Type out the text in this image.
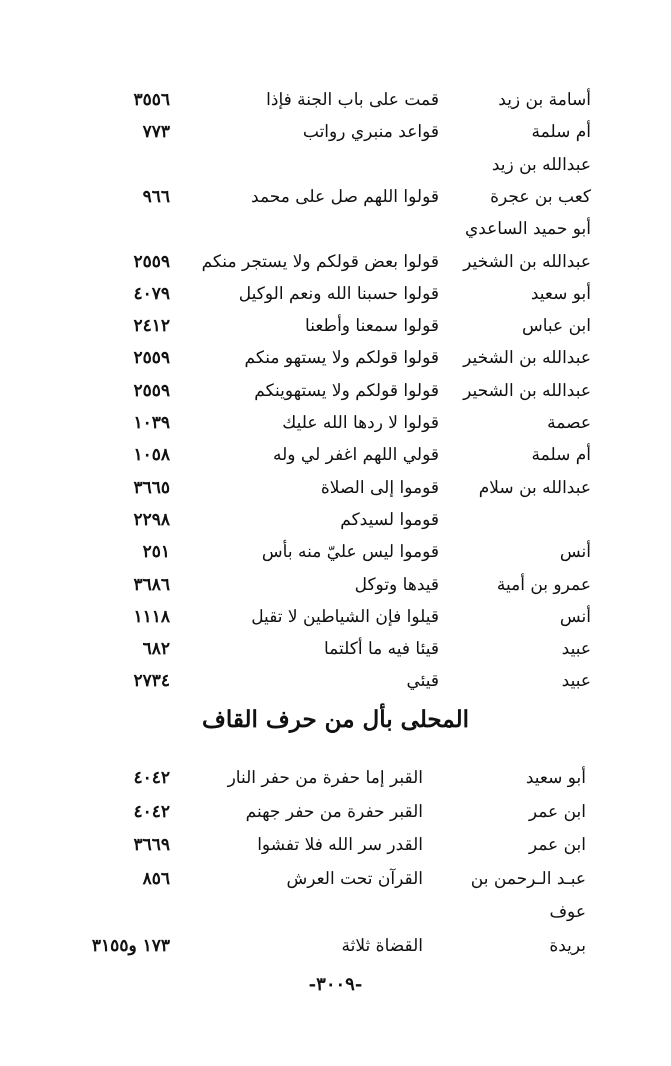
أسامة بن زيد
قمت على باب الجنة فإذا
٣٥٥٦
أم سلمة
قواعد منبري رواتب
٧٧٣
عبدالله بن زيد
كعب بن عجرة
قولوا اللهم صل على محمد
٩٦٦
أبو حميد الساعدي
عبدالله بن الشخير
قولوا بعض قولكم ولا يستجر منكم
٢٥٥٩
أبو سعيد
قولوا حسبنا الله ونعم الوكيل
٤٠٧٩
ابن عباس
قولوا سمعنا وأطعنا
٢٤١٢
عبدالله بن الشخير
قولوا قولكم ولا يستهو منكم
٢٥٥٩
عبدالله بن الشحير
قولوا قولكم ولا يستهوينكم
٢٥٥٩
عصمة
قولوا لا ردها الله عليك
١٠٣٩
أم سلمة
قولي اللهم اغفر لي وله
١٠٥٨
عبدالله بن سلام
قوموا إلى الصلاة
٣٦٦٥
قوموا لسيدكم
٢٢٩٨
أنس
قوموا ليس عليّ منه بأس
٢٥١
عمرو بن أمية
قيدها وتوكل
٣٦٨٦
أنس
قيلوا فإن الشياطين لا تقيل
١١١٨
عبيد
قيئا فيه ما أكلتما
٦٨٢
عبيد
قيئي
٢٧٣٤
المحلى بأل من حرف القاف
أبو سعيد
القبر إما حفرة من حفر النار
٤٠٤٢
ابن عمر
القبر حفرة من حفر جهنم
٤٠٤٢
ابن عمر
القدر سر الله فلا تفشوا
٣٦٦٩
عبـد الـرحمن بن
القرآن تحت العرش
٨٥٦
عوف
بريدة
القضاة ثلاثة
١٧٣ و٣١٥٥
-٣٠٠٩-
